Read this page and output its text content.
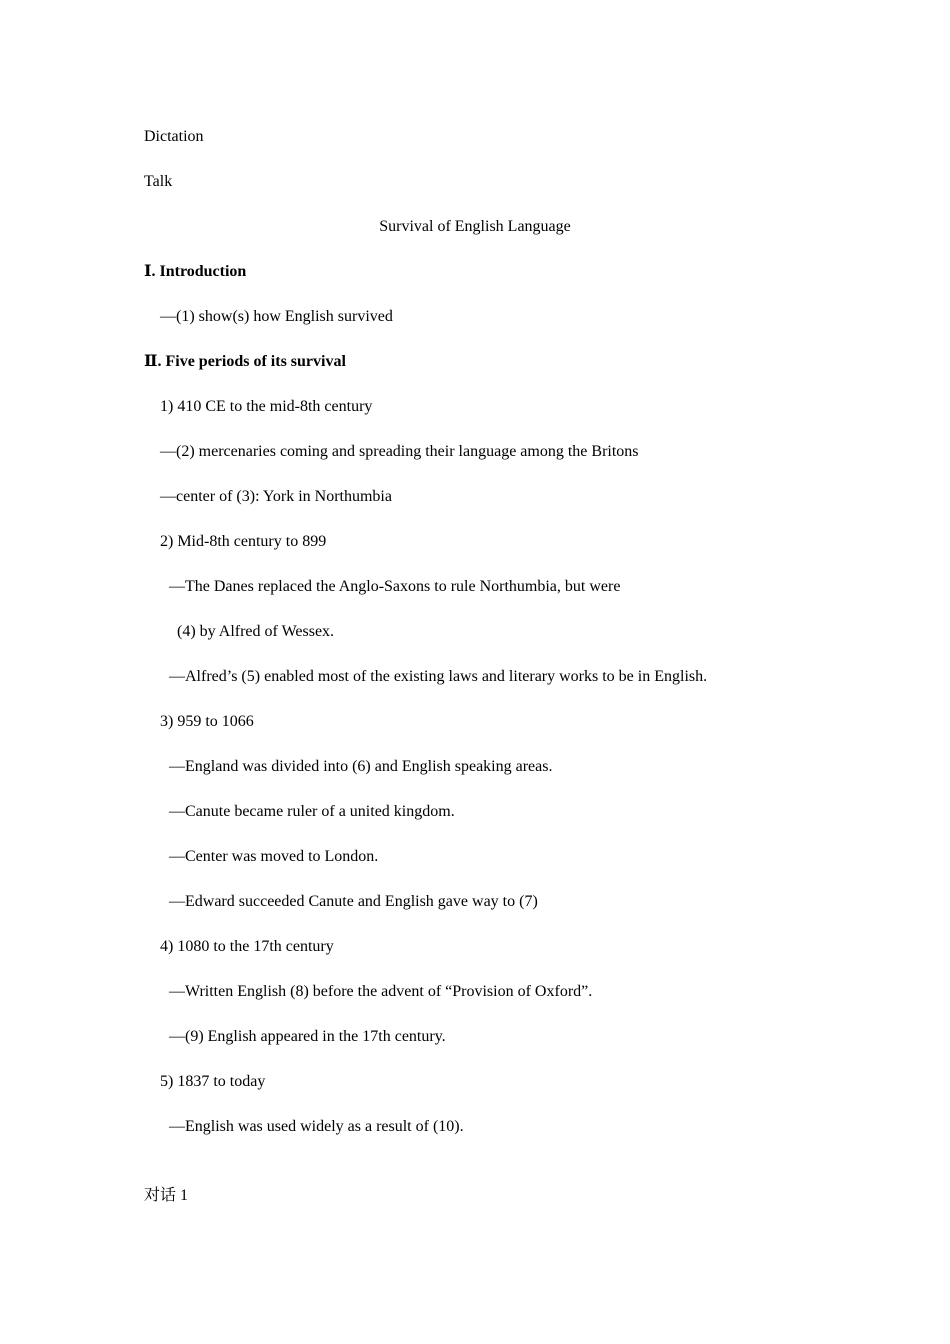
Dictation
Talk
Survival of English Language
Ⅰ. Introduction
—(1) show(s) how English survived
Ⅱ. Five periods of its survival
1) 410 CE to the mid-8th century
—(2) mercenaries coming and spreading their language among the Britons
—center of (3): York in Northumbia
2) Mid-8th century to 899
—The Danes replaced the Anglo-Saxons to rule Northumbia, but were
(4) by Alfred of Wessex.
—Alfred’s (5) enabled most of the existing laws and literary works to be in English.
3) 959 to 1066
—England was divided into (6) and English speaking areas.
—Canute became ruler of a united kingdom.
—Center was moved to London.
—Edward succeeded Canute and English gave way to (7)
4) 1080 to the 17th century
—Written English (8) before the advent of “Provision of Oxford”.
—(9) English appeared in the 17th century.
5) 1837 to today
—English was used widely as a result of (10).
对话 1
